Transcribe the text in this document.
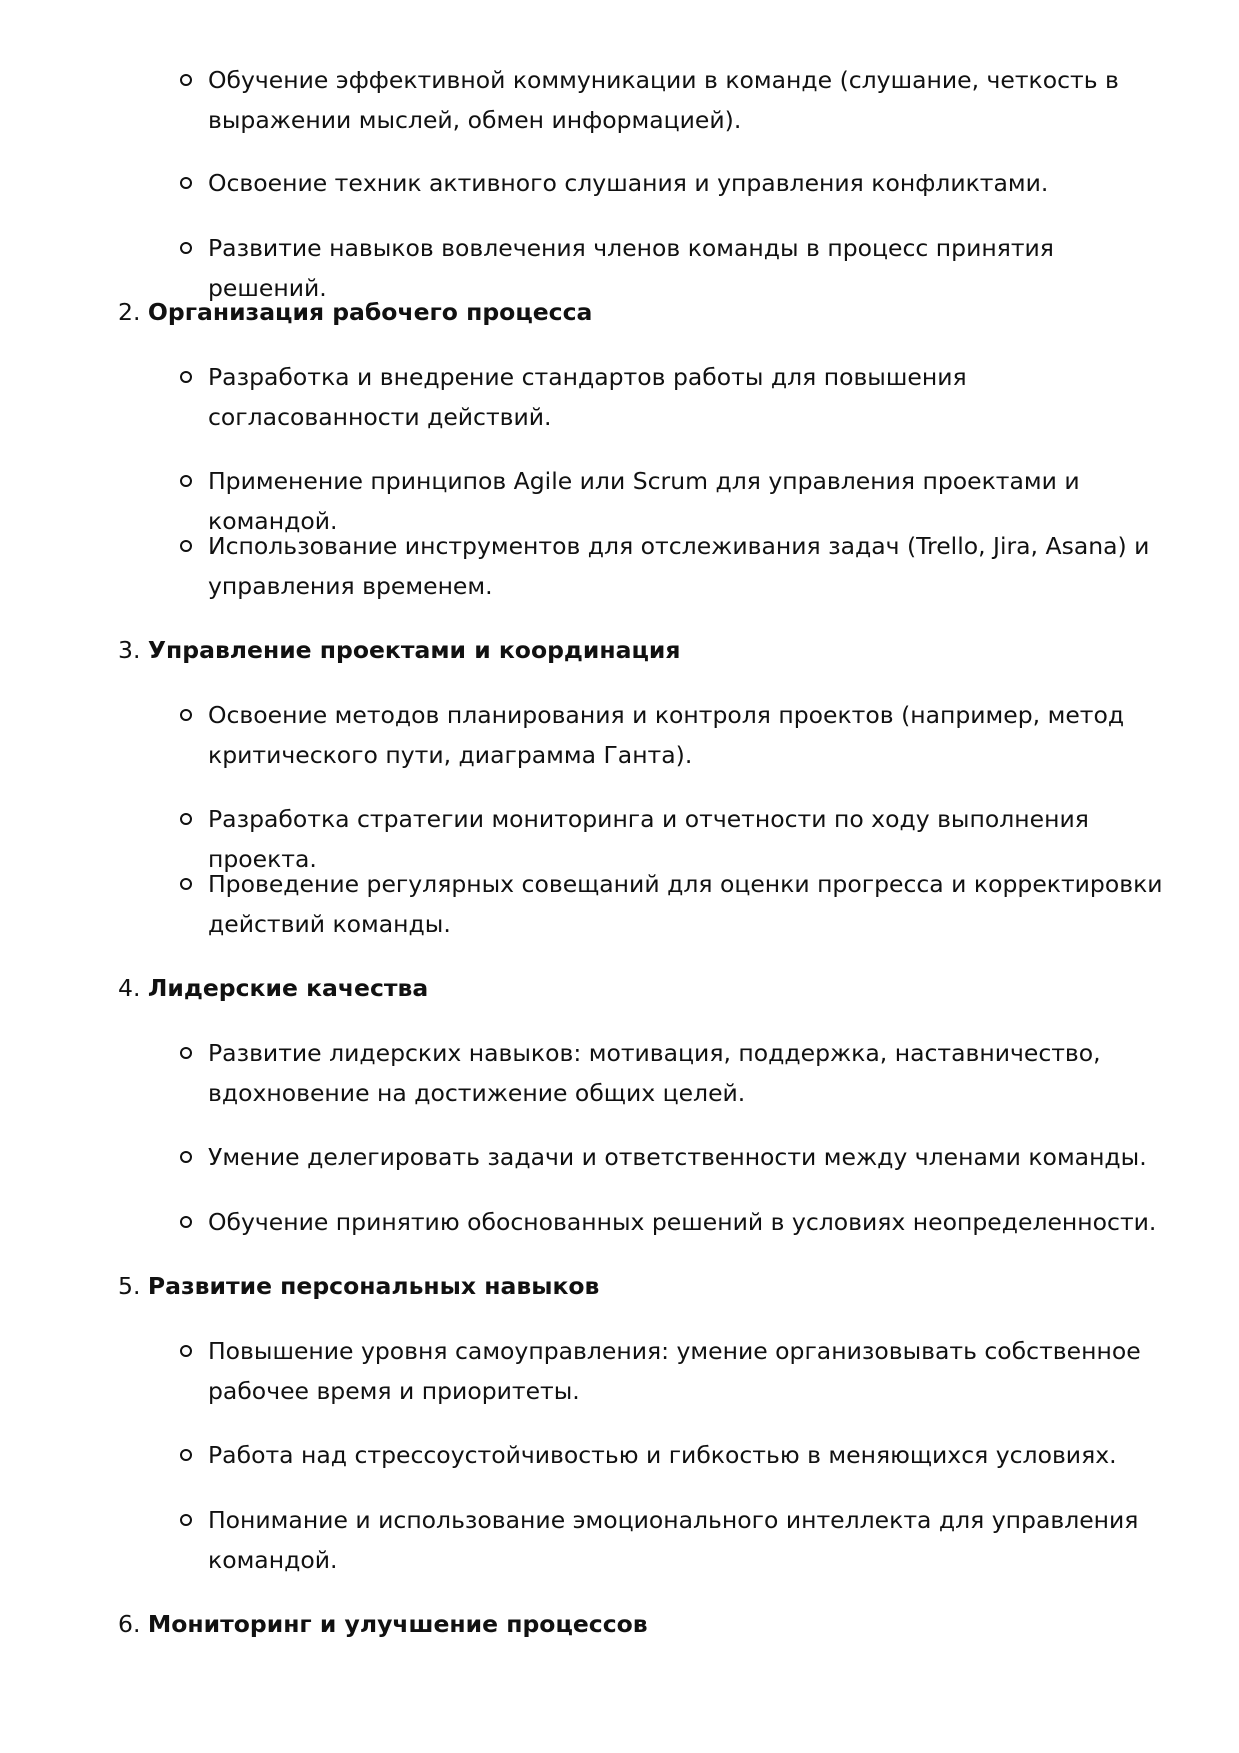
Обучение эффективной коммуникации в команде (слушание, четкость в выражении мыслей, обмен информацией).
Освоение техник активного слушания и управления конфликтами.
Развитие навыков вовлечения членов команды в процесс принятия решений.
2. Организация рабочего процесса
Разработка и внедрение стандартов работы для повышения согласованности действий.
Применение принципов Agile или Scrum для управления проектами и командой.
Использование инструментов для отслеживания задач (Trello, Jira, Asana) и управления временем.
3. Управление проектами и координация
Освоение методов планирования и контроля проектов (например, метод критического пути, диаграмма Ганта).
Разработка стратегии мониторинга и отчетности по ходу выполнения проекта.
Проведение регулярных совещаний для оценки прогресса и корректировки действий команды.
4. Лидерские качества
Развитие лидерских навыков: мотивация, поддержка, наставничество, вдохновение на достижение общих целей.
Умение делегировать задачи и ответственности между членами команды.
Обучение принятию обоснованных решений в условиях неопределенности.
5. Развитие персональных навыков
Повышение уровня самоуправления: умение организовывать собственное рабочее время и приоритеты.
Работа над стрессоустойчивостью и гибкостью в меняющихся условиях.
Понимание и использование эмоционального интеллекта для управления командой.
6. Мониторинг и улучшение процессов
